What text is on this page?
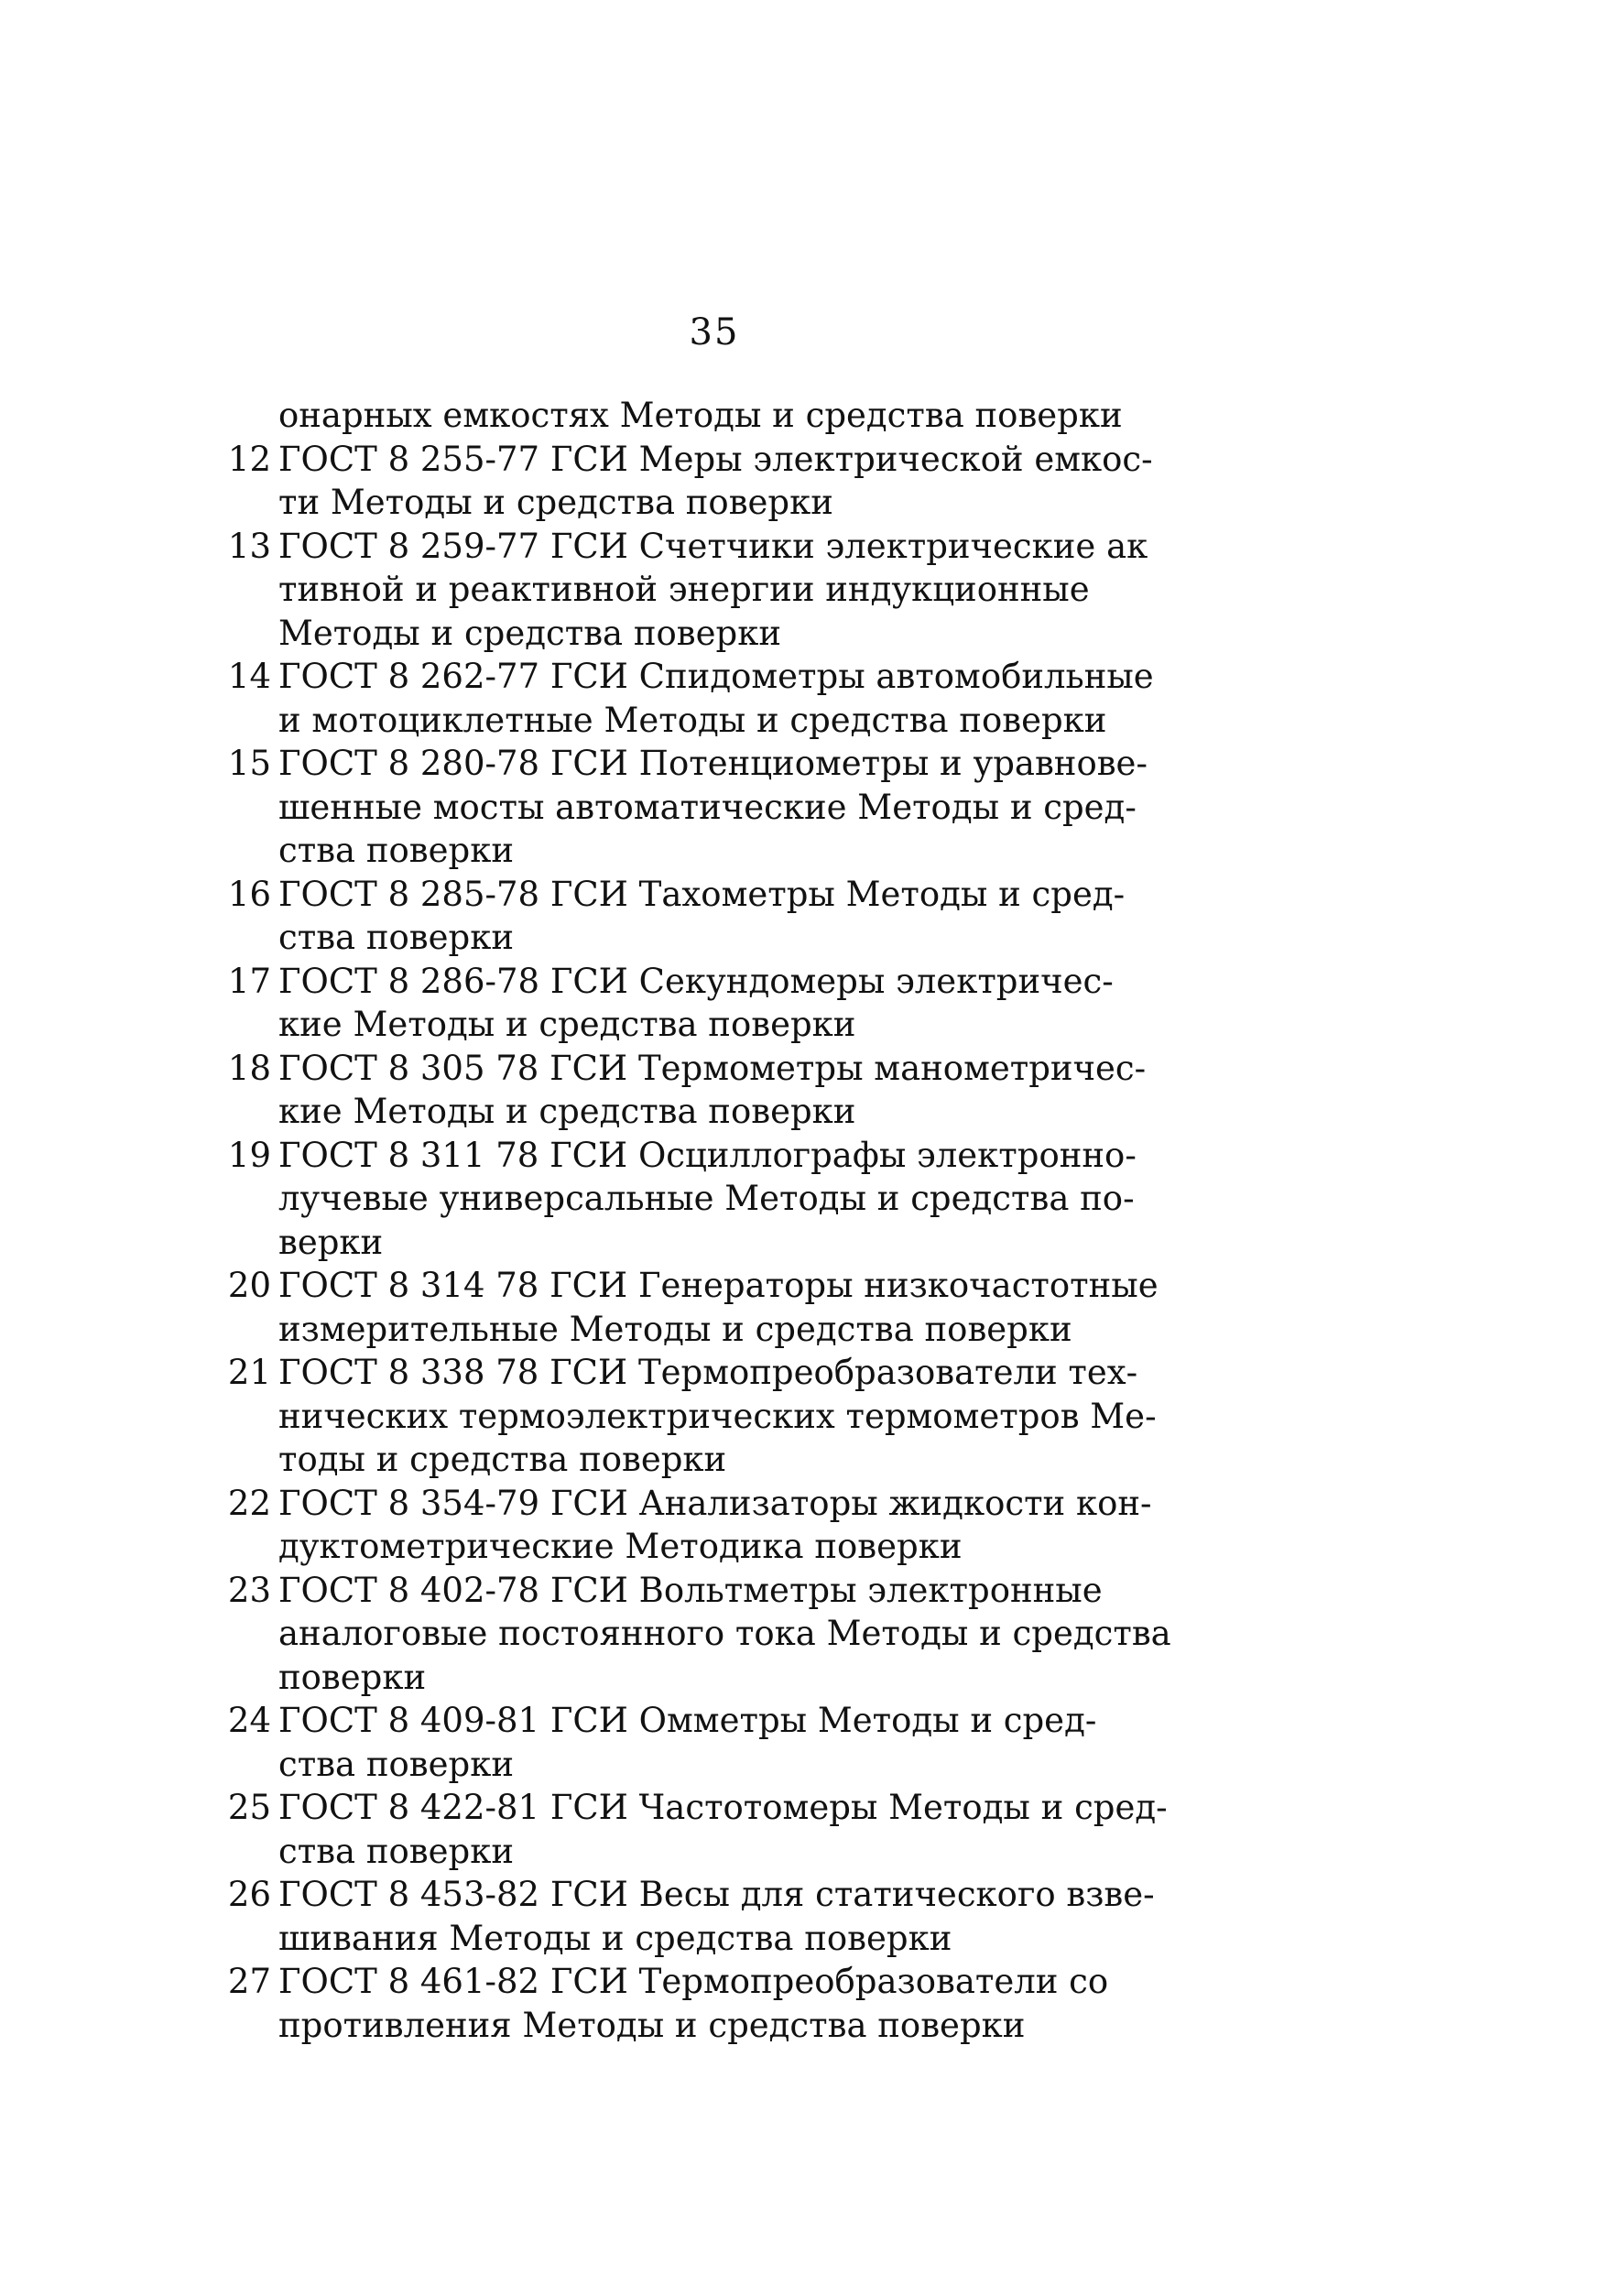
35
онарных емкостях Методы и средства поверки
12 ГОСТ 8 255-77 ГСИ Меры электрической емкос-
ти Методы и средства поверки
13 ГОСТ 8 259-77 ГСИ Счетчики электрические ак
тивной и реактивной энергии индукционные
Методы и средства поверки
14 ГОСТ 8 262-77 ГСИ Спидометры автомобильные
и мотоциклетные Методы и средства поверки
15 ГОСТ 8 280-78 ГСИ Потенциометры и уравнове-
шенные мосты автоматические Методы и сред-
ства поверки
16 ГОСТ 8 285-78 ГСИ Тахометры Методы и сред-
ства поверки
17 ГОСТ 8 286-78 ГСИ Секундомеры электричес-
кие Методы и средства поверки
18 ГОСТ 8 305 78 ГСИ Термометры манометричес-
кие Методы и средства поверки
19 ГОСТ 8 311 78 ГСИ Осциллографы электронно-
лучевые универсальные Методы и средства по-
верки
20 ГОСТ 8 314 78 ГСИ Генераторы низкочастотные
измерительные Методы и средства поверки
21 ГОСТ 8 338 78 ГСИ Термопреобразователи тех-
нических термоэлектрических термометров Ме-
тоды и средства поверки
22 ГОСТ 8 354-79 ГСИ Анализаторы жидкости кон-
дуктометрические Методика поверки
23 ГОСТ 8 402-78 ГСИ Вольтметры электронные
аналоговые постоянного тока Методы и средства
поверки
24 ГОСТ 8 409-81 ГСИ Омметры Методы и сред-
ства поверки
25 ГОСТ 8 422-81 ГСИ Частотомеры Методы и сред-
ства поверки
26 ГОСТ 8 453-82 ГСИ Весы для статического взве-
шивания Методы и средства поверки
27 ГОСТ 8 461-82 ГСИ Термопреобразователи со
противления Методы и средства поверки
